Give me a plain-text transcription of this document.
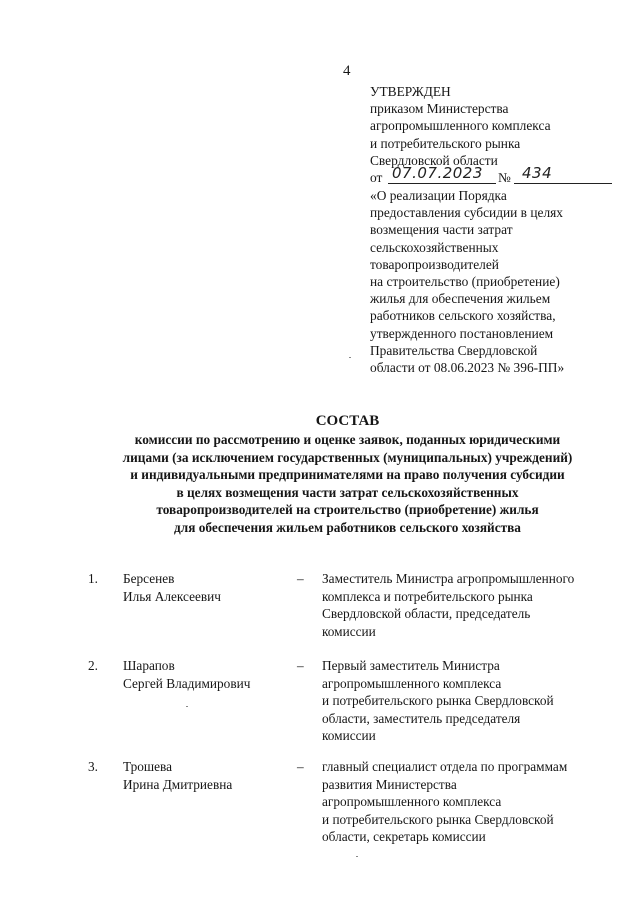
4
УТВЕРЖДЕН
приказом Министерства
агропромышленного комплекса
и потребительского рынка
Свердловской области
от 07.07.2023 № 434
«О реализации Порядка
предоставления субсидии в целях
возмещения части затрат
сельскохозяйственных
товаропроизводителей
на строительство (приобретение)
жилья для обеспечения жильем
работников сельского хозяйства,
утвержденного постановлением
Правительства Свердловской
области от 08.06.2023 № 396-ПП»
СОСТАВ
комиссии по рассмотрению и оценке заявок, поданных юридическими
лицами (за исключением государственных (муниципальных) учреждений)
и индивидуальными предпринимателями на право получения субсидии
в целях возмещения части затрат сельскохозяйственных
товаропроизводителей на строительство (приобретение) жилья
для обеспечения жильем работников сельского хозяйства
1. Берсенев
Илья Алексеевич
– Заместитель Министра агропромышленного
комплекса и потребительского рынка
Свердловской области, председатель
комиссии
2. Шарапов
Сергей Владимирович
– Первый заместитель Министра
агропромышленного комплекса
и потребительского рынка Свердловской
области, заместитель председателя
комиссии
3. Трошева
Ирина Дмитриевна
– главный специалист отдела по программам
развития Министерства
агропромышленного комплекса
и потребительского рынка Свердловской
области, секретарь комиссии
